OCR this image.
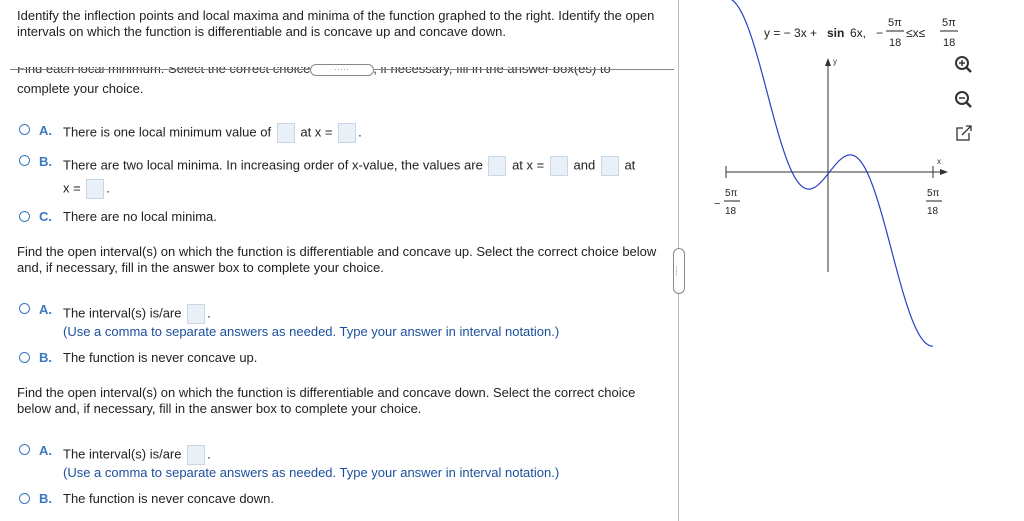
Identify the inflection points and local maxima and minima of the function graphed to the right. Identify the open intervals on which the function is differentiable and is concave up and concave down.
Find each local minimum. Select the correct choice necessary, fill the answer box(es)
.....
complete your choice.
A. There is one local minimum value of at x = .
B. There are two local minima. In increasing order of x-value, the values are at x = and at
x = .
C. There are no local minima.
Find the open interval(s) on which the function is differentiable and concave up. Select the correct choice below and, if necessary, fill in the answer box to complete your choice.
A. The interval(s) is/are .
(Use a comma to separate answers as needed. Type your answer in interval notation.)
B. The function is never concave up.
Find the open interval(s) on which the function is differentiable and concave down. Select the correct choice below and, if necessary, fill in the answer box to complete your choice.
A. The interval(s) is/are .
(Use a comma to separate answers as needed. Type your answer in interval notation.)
B. The function is never concave down.
......
y = − 3x + sin 6x, −
5π
18
≤x≤
5π
18
y
x
−
5π
18
5π
18
